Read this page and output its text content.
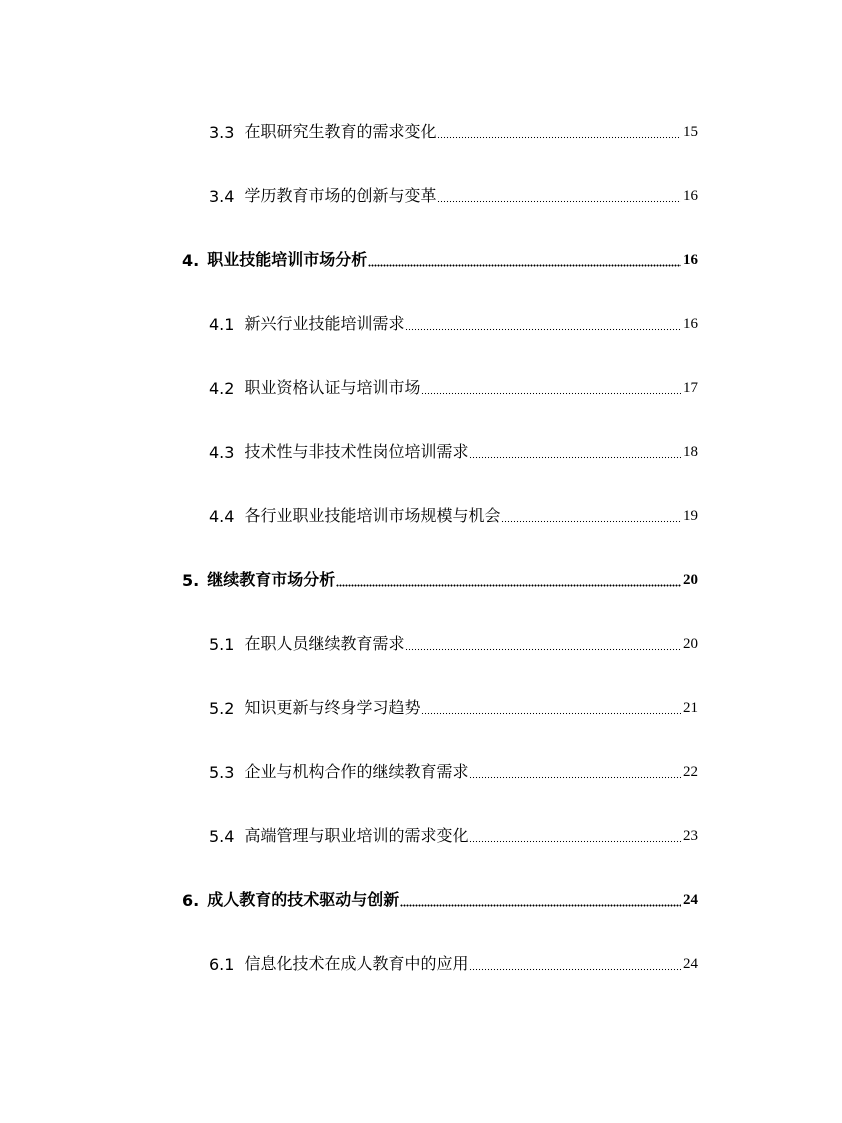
3.3 在职研究生教育的需求变化	15
3.4 学历教育市场的创新与变革	16
4. 职业技能培训市场分析	16
4.1 新兴行业技能培训需求	16
4.2 职业资格认证与培训市场	17
4.3 技术性与非技术性岗位培训需求	18
4.4 各行业职业技能培训市场规模与机会	19
5. 继续教育市场分析	20
5.1 在职人员继续教育需求	20
5.2 知识更新与终身学习趋势	21
5.3 企业与机构合作的继续教育需求	22
5.4 高端管理与职业培训的需求变化	23
6. 成人教育的技术驱动与创新	24
6.1 信息化技术在成人教育中的应用	24
